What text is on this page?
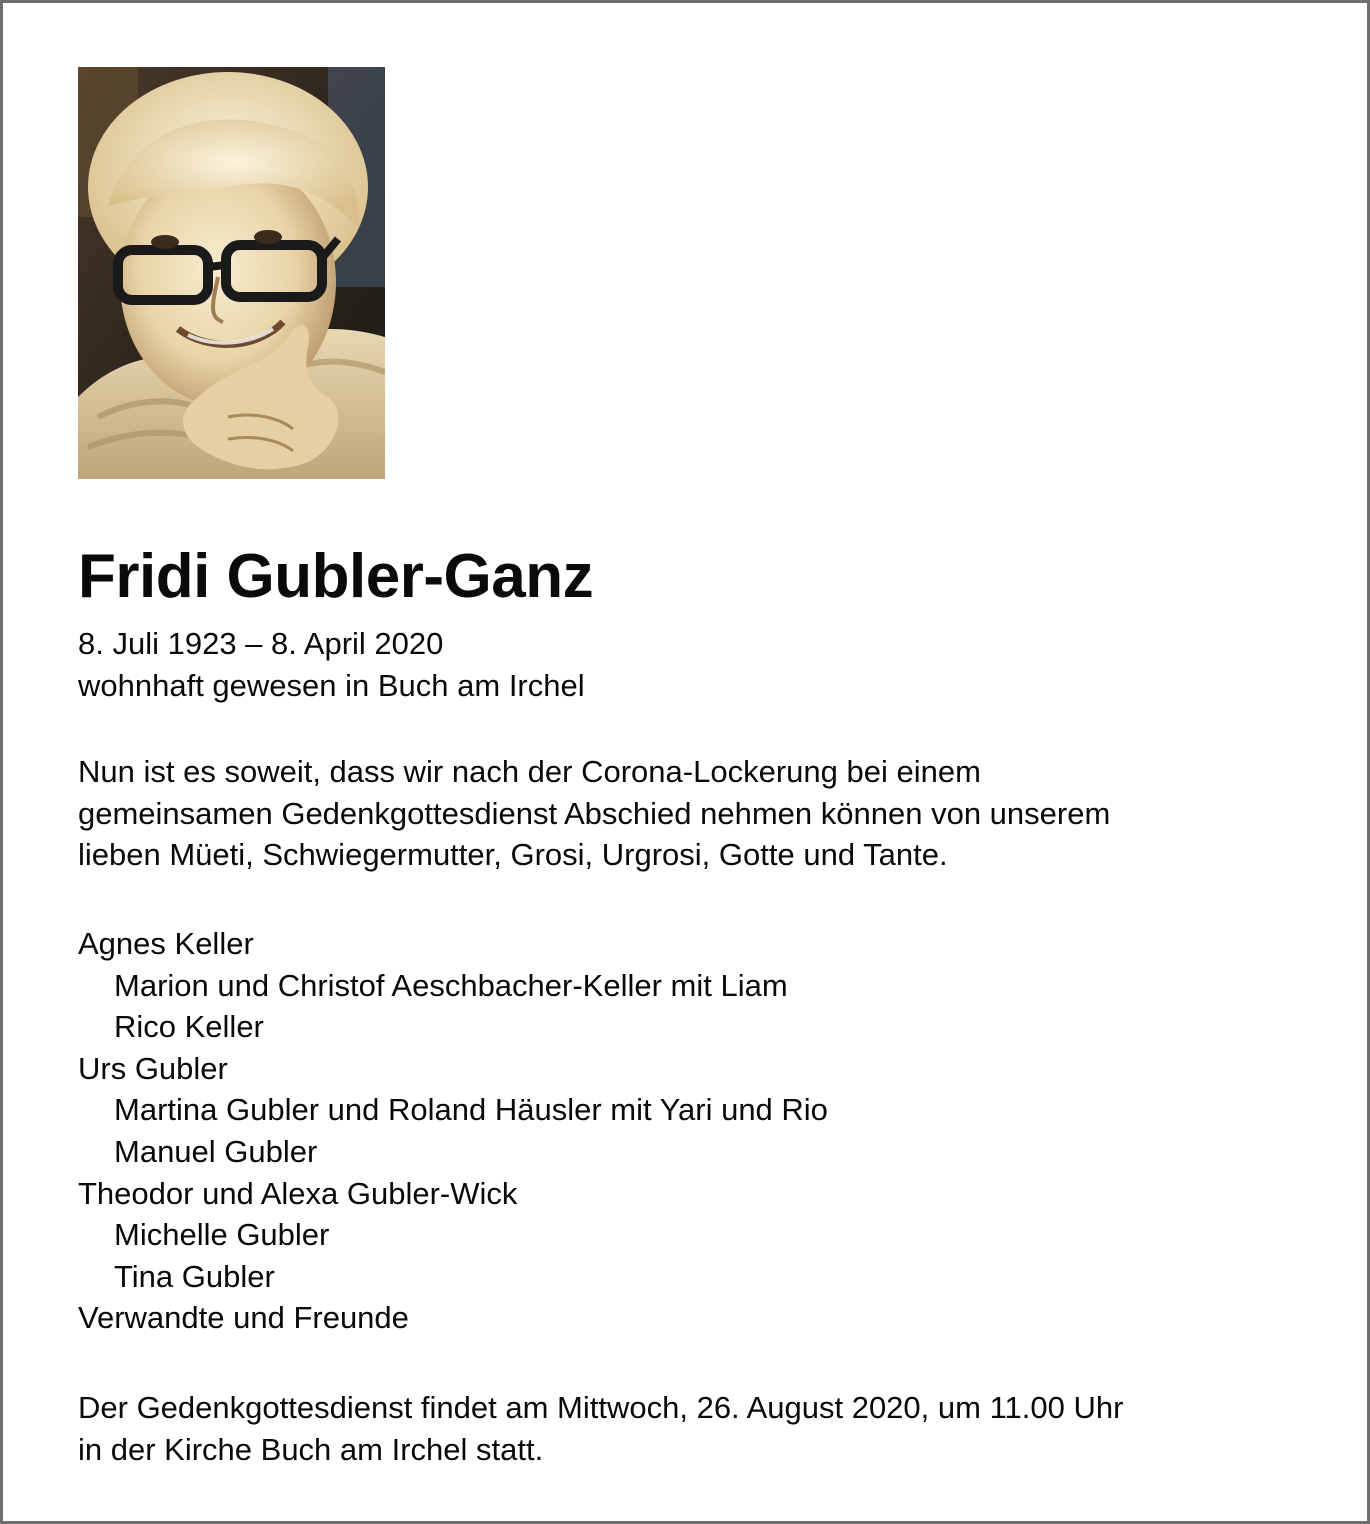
Fridi Gubler-Ganz
8. Juli 1923 – 8. April 2020
wohnhaft gewesen in Buch am Irchel
Nun ist es soweit, dass wir nach der Corona-Lockerung bei einem
gemeinsamen Gedenkgottesdienst Abschied nehmen können von unserem
lieben Müeti, Schwiegermutter, Grosi, Urgrosi, Gotte und Tante.
Agnes Keller
Marion und Christof Aeschbacher-Keller mit Liam
Rico Keller
Urs Gubler
Martina Gubler und Roland Häusler mit Yari und Rio
Manuel Gubler
Theodor und Alexa Gubler-Wick
Michelle Gubler
Tina Gubler
Verwandte und Freunde
Der Gedenkgottesdienst findet am Mittwoch, 26. August 2020, um 11.00 Uhr
in der Kirche Buch am Irchel statt.
